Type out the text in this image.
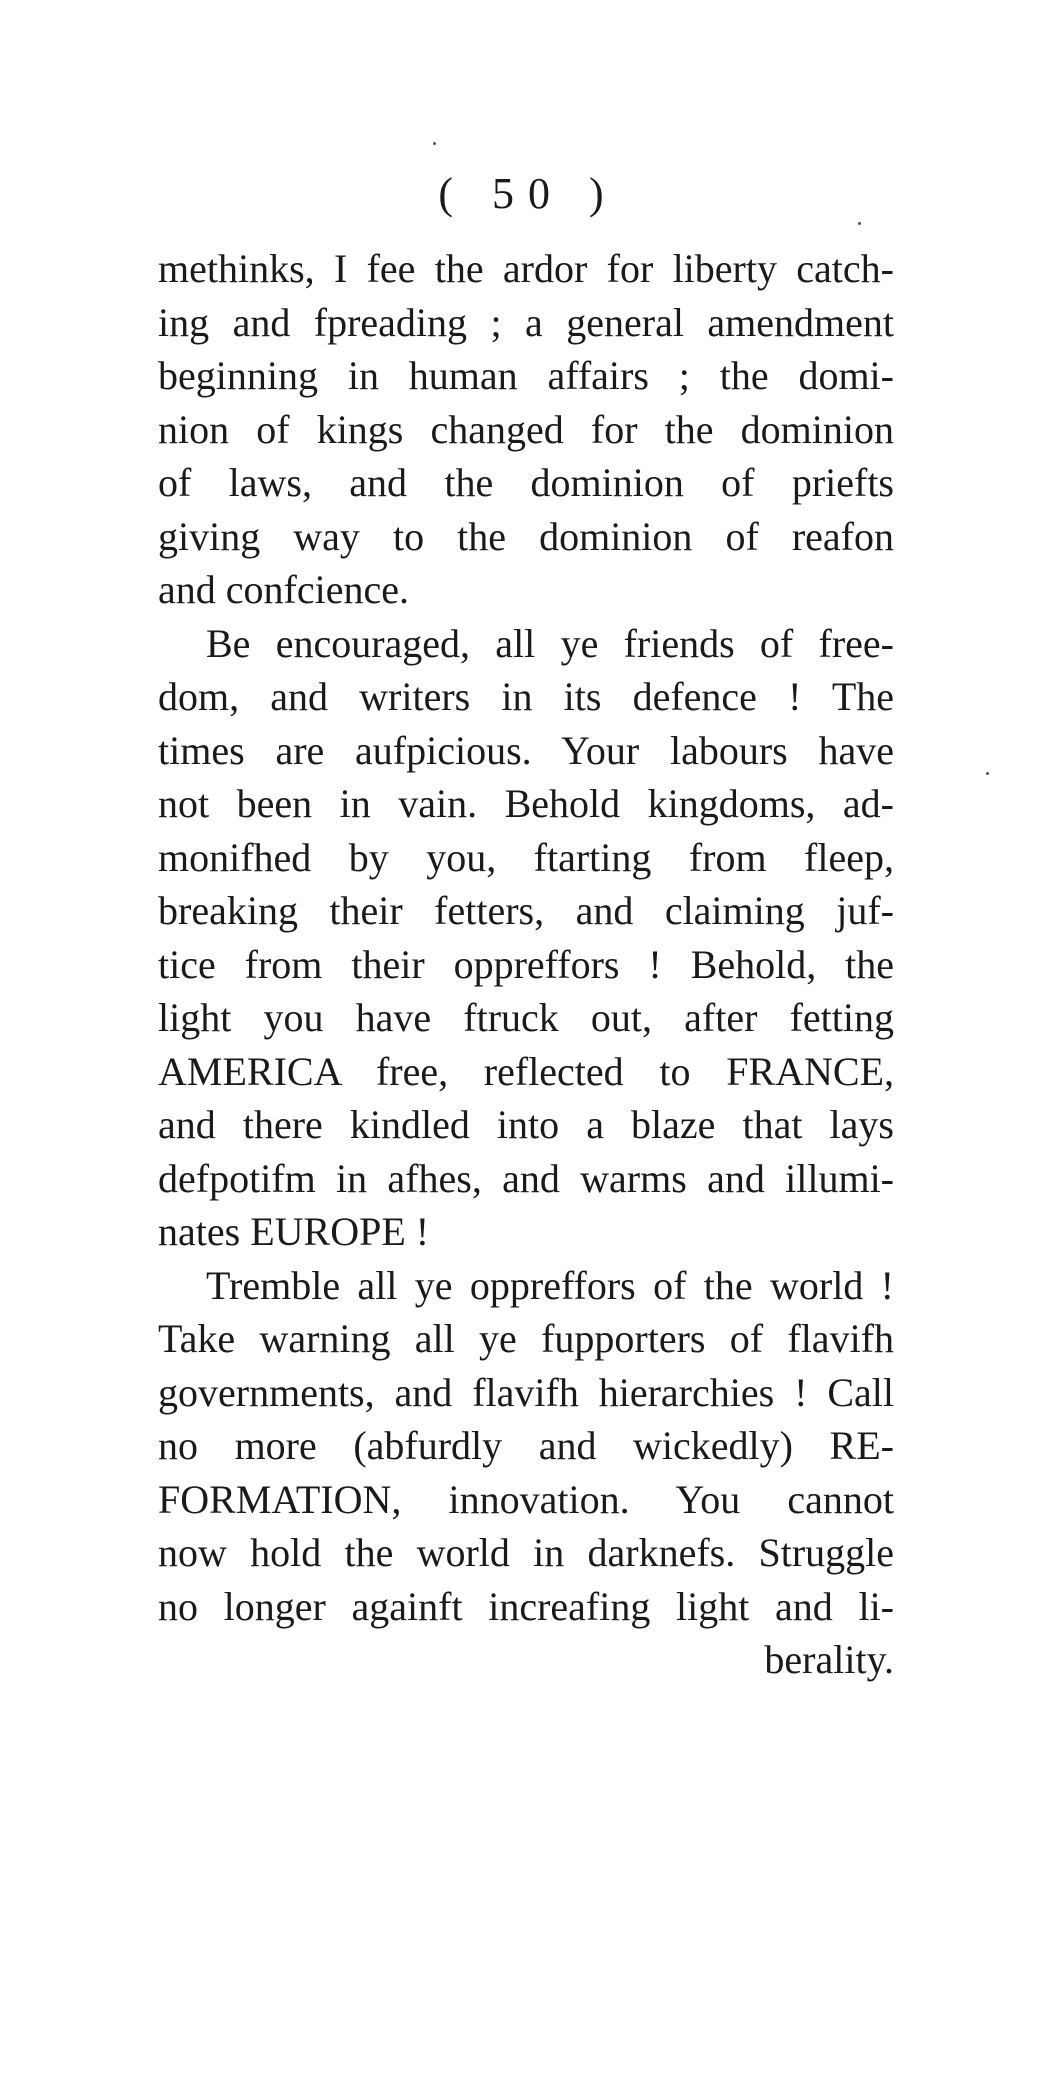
( 50 )
methinks, I fee the ardor for liberty catch-
ing and fpreading ; a general amendment
beginning in human affairs ; the domi-
nion of kings changed for the dominion
of laws, and the dominion of priefts
giving way to the dominion of reafon
and confcience.
Be encouraged, all ye friends of free-
dom, and writers in its defence ! The
times are aufpicious. Your labours have
not been in vain. Behold kingdoms, ad-
monifhed by you, ftarting from fleep,
breaking their fetters, and claiming juf-
tice from their oppreffors ! Behold, the
light you have ftruck out, after fetting
AMERICA free, reflected to FRANCE,
and there kindled into a blaze that lays
defpotifm in afhes, and warms and illumi-
nates EUROPE !
Tremble all ye oppreffors of the world !
Take warning all ye fupporters of flavifh
governments, and flavifh hierarchies ! Call
no more (abfurdly and wickedly) RE-
FORMATION, innovation. You cannot
now hold the world in darknefs. Struggle
no longer againft increafing light and li-
berality.
